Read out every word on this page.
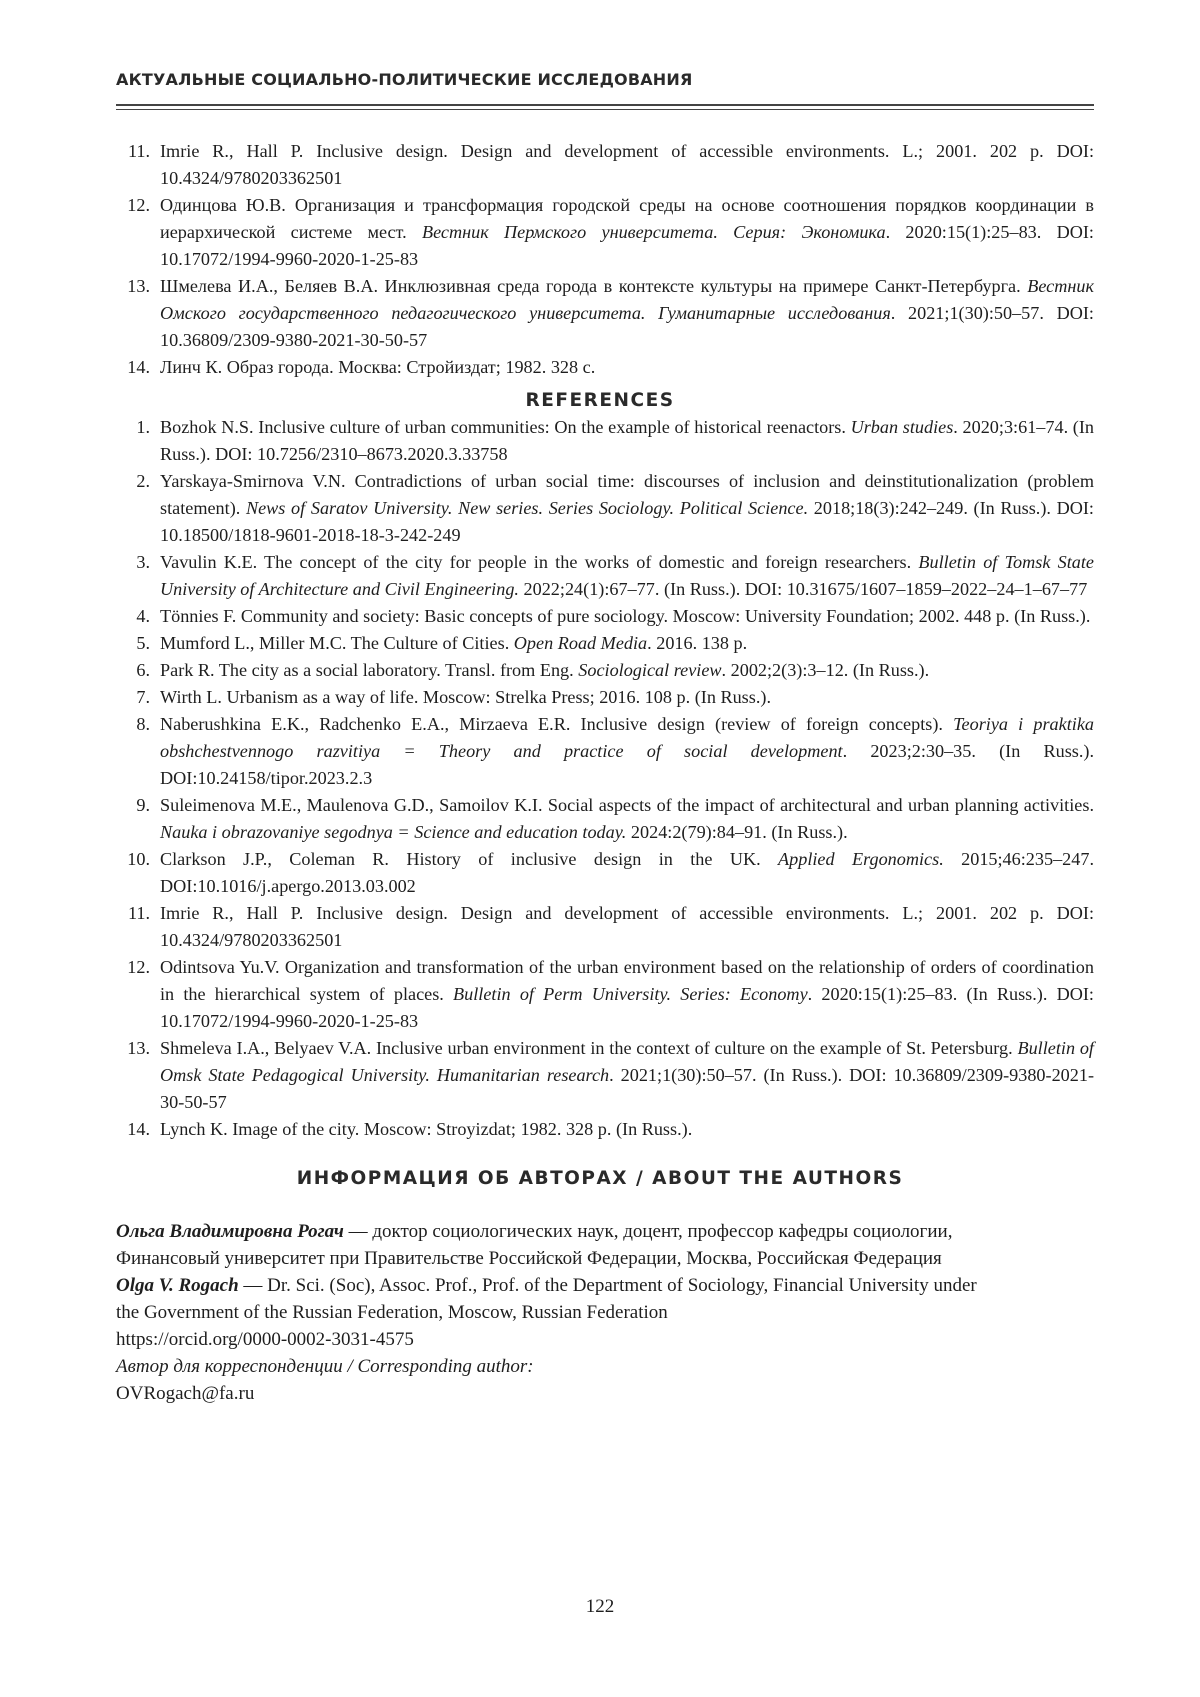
АКТУАЛЬНЫЕ СОЦИАЛЬНО-ПОЛИТИЧЕСКИЕ ИССЛЕДОВАНИЯ
11. Imrie R., Hall P. Inclusive design. Design and development of accessible environments. L.; 2001. 202 p. DOI: 10.4324/9780203362501
12. Одинцова Ю.В. Организация и трансформация городской среды на основе соотношения порядков координации в иерархической системе мест. Вестник Пермского университета. Серия: Экономика. 2020:15(1):25–83. DOI: 10.17072/1994-9960-2020-1-25-83
13. Шмелева И.А., Беляев В.А. Инклюзивная среда города в контексте культуры на примере Санкт-Петербурга. Вестник Омского государственного педагогического университета. Гуманитарные исследования. 2021;1(30):50–57. DOI: 10.36809/2309-9380-2021-30-50-57
14. Линч К. Образ города. Москва: Стройиздат; 1982. 328 с.
REFERENCES
1. Bozhok N.S. Inclusive culture of urban communities: On the example of historical reenactors. Urban studies. 2020;3:61–74. (In Russ.). DOI: 10.7256/2310–8673.2020.3.33758
2. Yarskaya-Smirnova V.N. Contradictions of urban social time: discourses of inclusion and deinstitutionalization (problem statement). News of Saratov University. New series. Series Sociology. Political Science. 2018;18(3):242–249. (In Russ.). DOI: 10.18500/1818-9601-2018-18-3-242-249
3. Vavulin K.E. The concept of the city for people in the works of domestic and foreign researchers. Bulletin of Tomsk State University of Architecture and Civil Engineering. 2022;24(1):67–77. (In Russ.). DOI: 10.31675/1607–1859–2022–24–1–67–77
4. Tönnies F. Community and society: Basic concepts of pure sociology. Moscow: University Foundation; 2002. 448 p. (In Russ.).
5. Mumford L., Miller M.C. The Culture of Cities. Open Road Media. 2016. 138 p.
6. Park R. The city as a social laboratory. Transl. from Eng. Sociological review. 2002;2(3):3–12. (In Russ.).
7. Wirth L. Urbanism as a way of life. Moscow: Strelka Press; 2016. 108 p. (In Russ.).
8. Naberushkina E.K., Radchenko E.A., Mirzaeva E.R. Inclusive design (review of foreign concepts). Teoriya i praktika obshchestvennogo razvitiya = Theory and practice of social development. 2023;2:30–35. (In Russ.). DOI:10.24158/tipor.2023.2.3
9. Suleimenova M.E., Maulenova G.D., Samoilov K.I. Social aspects of the impact of architectural and urban planning activities. Nauka i obrazovaniye segodnya = Science and education today. 2024:2(79):84–91. (In Russ.).
10. Clarkson J.P., Coleman R. History of inclusive design in the UK. Applied Ergonomics. 2015;46:235–247. DOI:10.1016/j.apergo.2013.03.002
11. Imrie R., Hall P. Inclusive design. Design and development of accessible environments. L.; 2001. 202 p. DOI: 10.4324/9780203362501
12. Odintsova Yu.V. Organization and transformation of the urban environment based on the relationship of orders of coordination in the hierarchical system of places. Bulletin of Perm University. Series: Economy. 2020:15(1):25–83. (In Russ.). DOI: 10.17072/1994-9960-2020-1-25-83
13. Shmeleva I.A., Belyaev V.A. Inclusive urban environment in the context of culture on the example of St. Petersburg. Bulletin of Omsk State Pedagogical University. Humanitarian research. 2021;1(30):50–57. (In Russ.). DOI: 10.36809/2309-9380-2021-30-50-57
14. Lynch K. Image of the city. Moscow: Stroyizdat; 1982. 328 p. (In Russ.).
ИНФОРМАЦИЯ ОБ АВТОРАХ / ABOUT THE AUTHORS
Ольга Владимировна Рогач — доктор социологических наук, доцент, профессор кафедры социологии,
Финансовый университет при Правительстве Российской Федерации, Москва, Российская Федерация
Olga V. Rogach — Dr. Sci. (Soc), Assoc. Prof., Prof. of the Department of Sociology, Financial University under
the Government of the Russian Federation, Moscow, Russian Federation
https://orcid.org/0000-0002-3031-4575
Автор для корреспонденции / Corresponding author:
OVRogach@fa.ru
122
